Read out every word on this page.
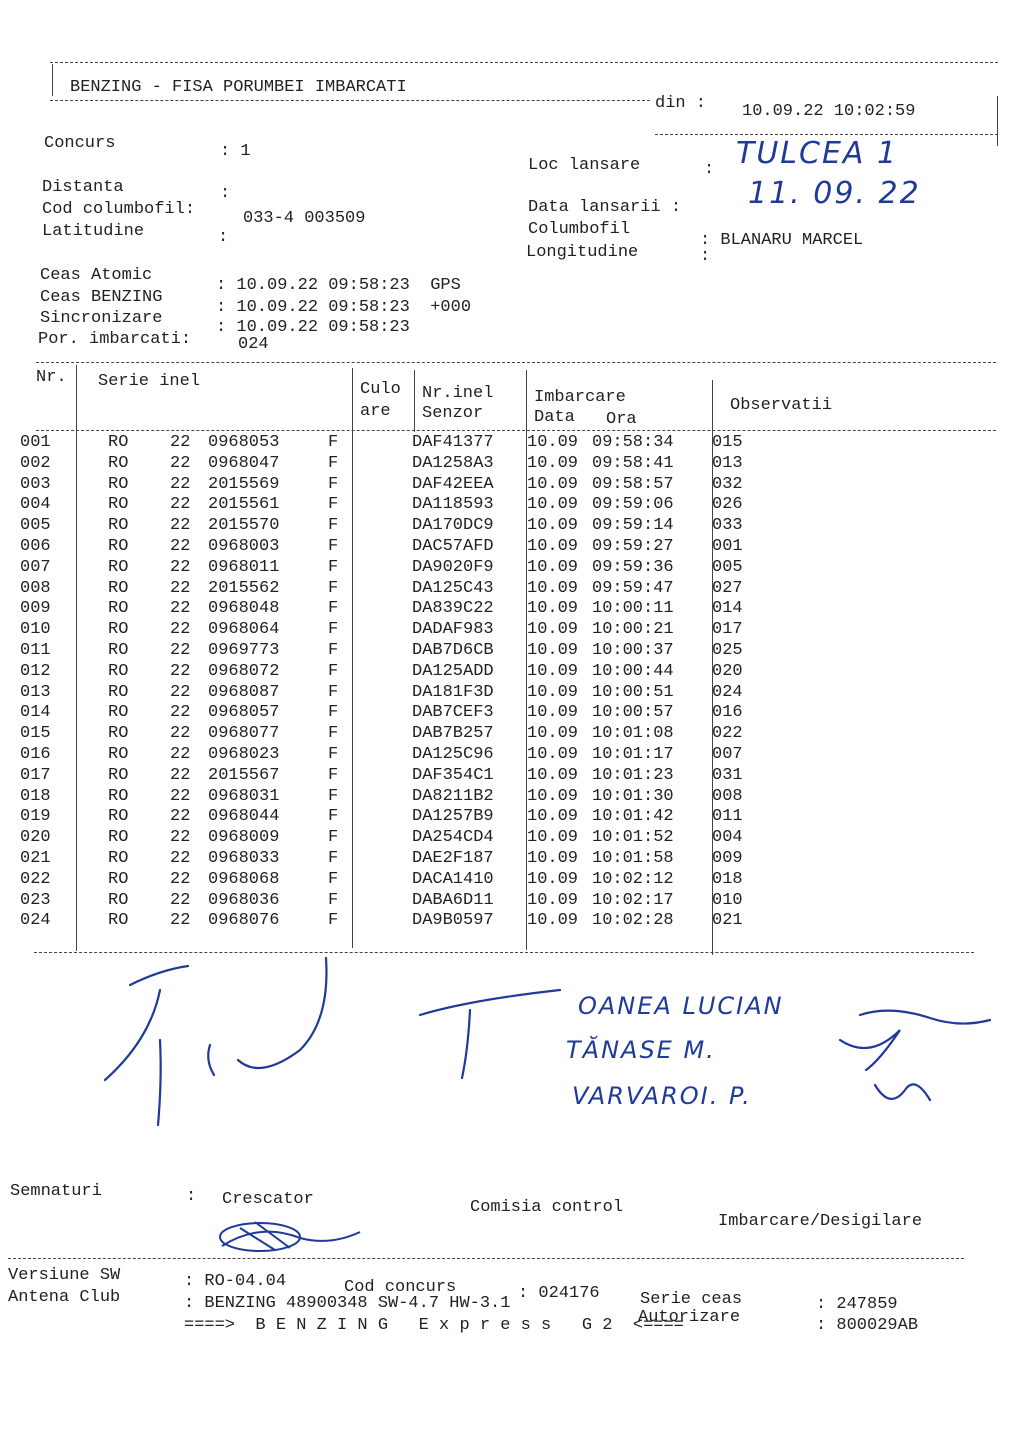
BENZING - FISA PORUMBEI IMBARCATI
din : 10.09.22 10:02:59
Concurs	: 1
Distanta	:
Cod columbofil:	033-4 003509
Latitudine	:
Loc lansare	: TULCEA 1
11. 09. 22
Data lansarii :
Columbofil
: BLANARU MARCEL
Longitudine	:
Ceas Atomic
: 10.09.22 09:58:23  GPS
Ceas BENZING
: 10.09.22 09:58:23  +000
Sincronizare	: 10.09.22 09:58:23
Por. imbarcati:	024
Nr. Serie inel	Culo
are
Nr.inel
Senzor
Imbarcare
Data Ora
Observatii
001	RO 22 0968053	F	DAF41377 10.09 09:58:34 015
002	RO 22 0968047	F	DA1258A3 10.09 09:58:41 013
003	RO 22 2015569	F	DAF42EEA 10.09 09:58:57 032
004	RO 22 2015561	F	DA118593 10.09 09:59:06 026
005	RO 22 2015570	F	DA170DC9 10.09 09:59:14 033
006	RO 22 0968003	F	DAC57AFD 10.09 09:59:27 001
007	RO 22 0968011	F	DA9020F9 10.09 09:59:36 005
008	RO 22 2015562	F	DA125C43 10.09 09:59:47 027
009	RO 22 0968048	F	DA839C22 10.09 10:00:11 014
010	RO 22 0968064	F	DADAF983 10.09 10:00:21 017
011	RO 22 0969773	F	DAB7D6CB 10.09 10:00:37 025
012	RO 22 0968072	F	DA125ADD 10.09 10:00:44 020
013	RO 22 0968087	F	DA181F3D 10.09 10:00:51 024
014	RO 22 0968057	F	DAB7CEF3 10.09 10:00:57 016
015	RO 22 0968077	F	DAB7B257 10.09 10:01:08 022
016	RO 22 0968023	F	DA125C96 10.09 10:01:17 007
017	RO 22 2015567	F	DAF354C1 10.09 10:01:23 031
018	RO 22 0968031	F	DA8211B2 10.09 10:01:30 008
019	RO 22 0968044	F	DA1257B9 10.09 10:01:42 011
020	RO 22 0968009	F	DA254CD4 10.09 10:01:52 004
021	RO 22 0968033	F	DAE2F187 10.09 10:01:58 009
022	RO 22 0968068	F	DACA1410 10.09 10:02:12 018
023	RO 22 0968036	F	DABA6D11 10.09 10:02:17 010
024	RO 22 0968076	F	DA9B0597 10.09 10:02:28 021
OANEA LUCIAN
TĂNASE M.
VARVAROI. P.
Semnaturi	: Crescator	Comisia control
Imbarcare/Desigilare
Versiune SW	: RO-04.04	Cod concurs	: 024176 Serie ceas	: 247859
Antena Club	: BENZING 48900348 SW-4.7 HW-3.1
Autorizare	: 800029AB
====>  B E N Z I N G   E x p r e s s   G 2  <====
